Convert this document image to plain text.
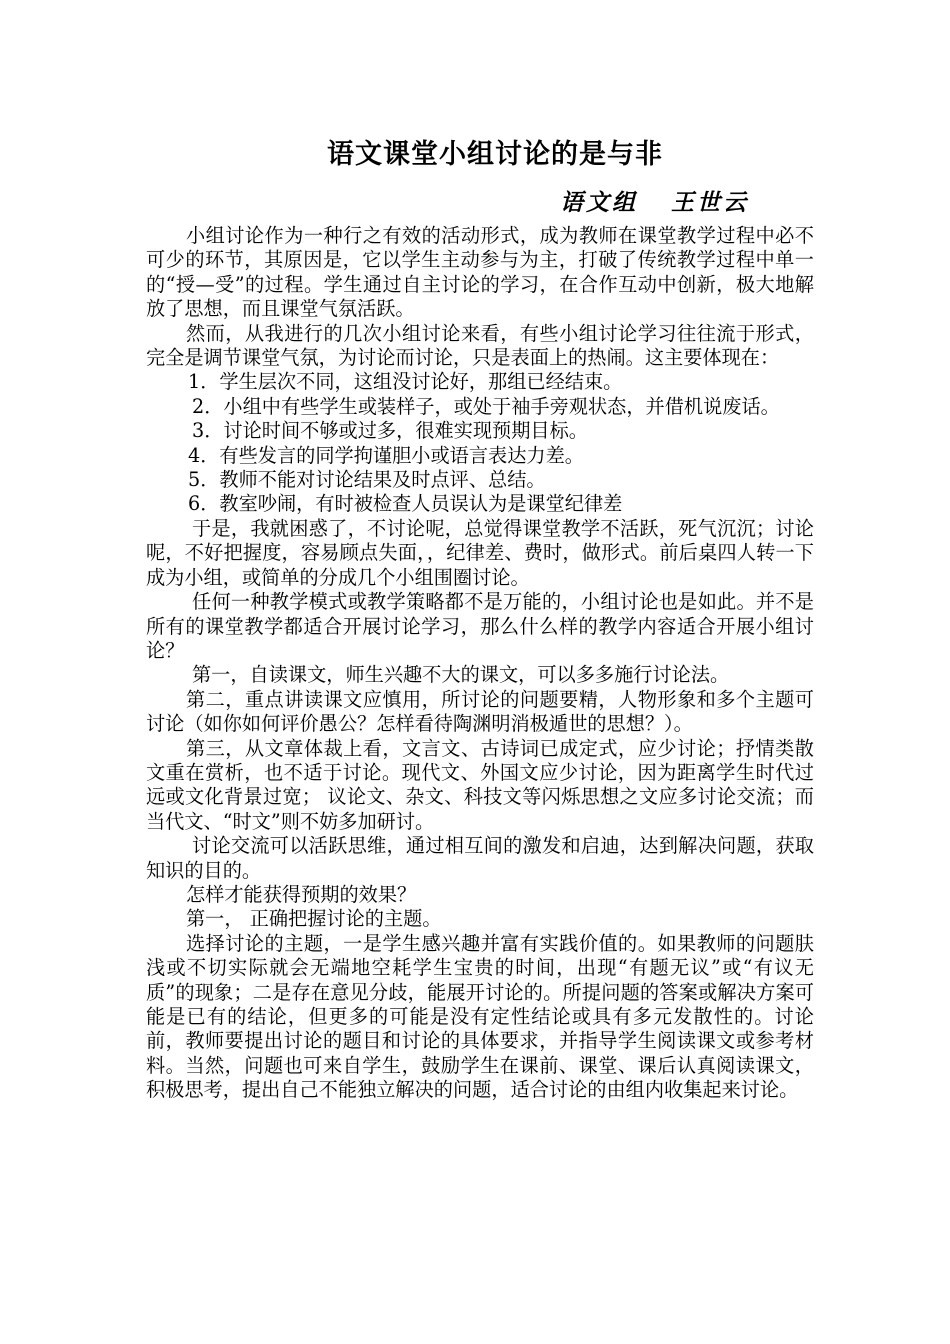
语文课堂小组讨论的是与非
语文组   王世云

小组讨论作为一种行之有效的活动形式，成为教师在课堂教学过程中必不可少的环节，其原因是，它以学生主动参与为主，打破了传统教学过程中单一的“授—受”的过程。学生通过自主讨论的学习，在合作互动中创新，极大地解放了思想，而且课堂气氛活跃。

然而，从我进行的几次小组讨论来看，有些小组讨论学习往往流于形式，完全是调节课堂气氛，为讨论而讨论，只是表面上的热闹。这主要体现在：

1．学生层次不同，这组没讨论好，那组已经结束。

2．小组中有些学生或装样子，或处于袖手旁观状态，并借机说废话。

3．讨论时间不够或过多，很难实现预期目标。

4．有些发言的同学拘谨胆小或语言表达力差。

5．教师不能对讨论结果及时点评、总结。

6．教室吵闹，有时被检查人员误认为是课堂纪律差

于是，我就困惑了，不讨论呢，总觉得课堂教学不活跃，死气沉沉；讨论呢，不好把握度，容易顾点失面，，纪律差、费时，做形式。前后桌四人转一下成为小组，或简单的分成几个小组围圈讨论。

任何一种教学模式或教学策略都不是万能的，小组讨论也是如此。并不是所有的课堂教学都适合开展讨论学习，那么什么样的教学内容适合开展小组讨论？

第一，自读课文，师生兴趣不大的课文，可以多多施行讨论法。

第二，重点讲读课文应慎用，所讨论的问题要精，人物形象和多个主题可讨论（如你如何评价愚公？怎样看待陶渊明消极遁世的思想？）。

第三，从文章体裁上看，文言文、古诗词已成定式，应少讨论；抒情类散文重在赏析，也不适于讨论。现代文、外国文应少讨论，因为距离学生时代过远或文化背景过宽； 议论文、杂文、科技文等闪烁思想之文应多讨论交流；而当代文、“时文”则不妨多加研讨。

讨论交流可以活跃思维，通过相互间的激发和启迪，达到解决问题，获取知识的目的。

怎样才能获得预期的效果？

第一， 正确把握讨论的主题。

选择讨论的主题，一是学生感兴趣并富有实践价值的。如果教师的问题肤浅或不切实际就会无端地空耗学生宝贵的时间，出现“有题无议”或“有议无质”的现象；二是存在意见分歧，能展开讨论的。所提问题的答案或解决方案可能是已有的结论，但更多的可能是没有定性结论或具有多元发散性的。讨论前，教师要提出讨论的题目和讨论的具体要求，并指导学生阅读课文或参考材料。当然，问题也可来自学生，鼓励学生在课前、课堂、课后认真阅读课文，积极思考，提出自己不能独立解决的问题，适合讨论的由组内收集起来讨论。
